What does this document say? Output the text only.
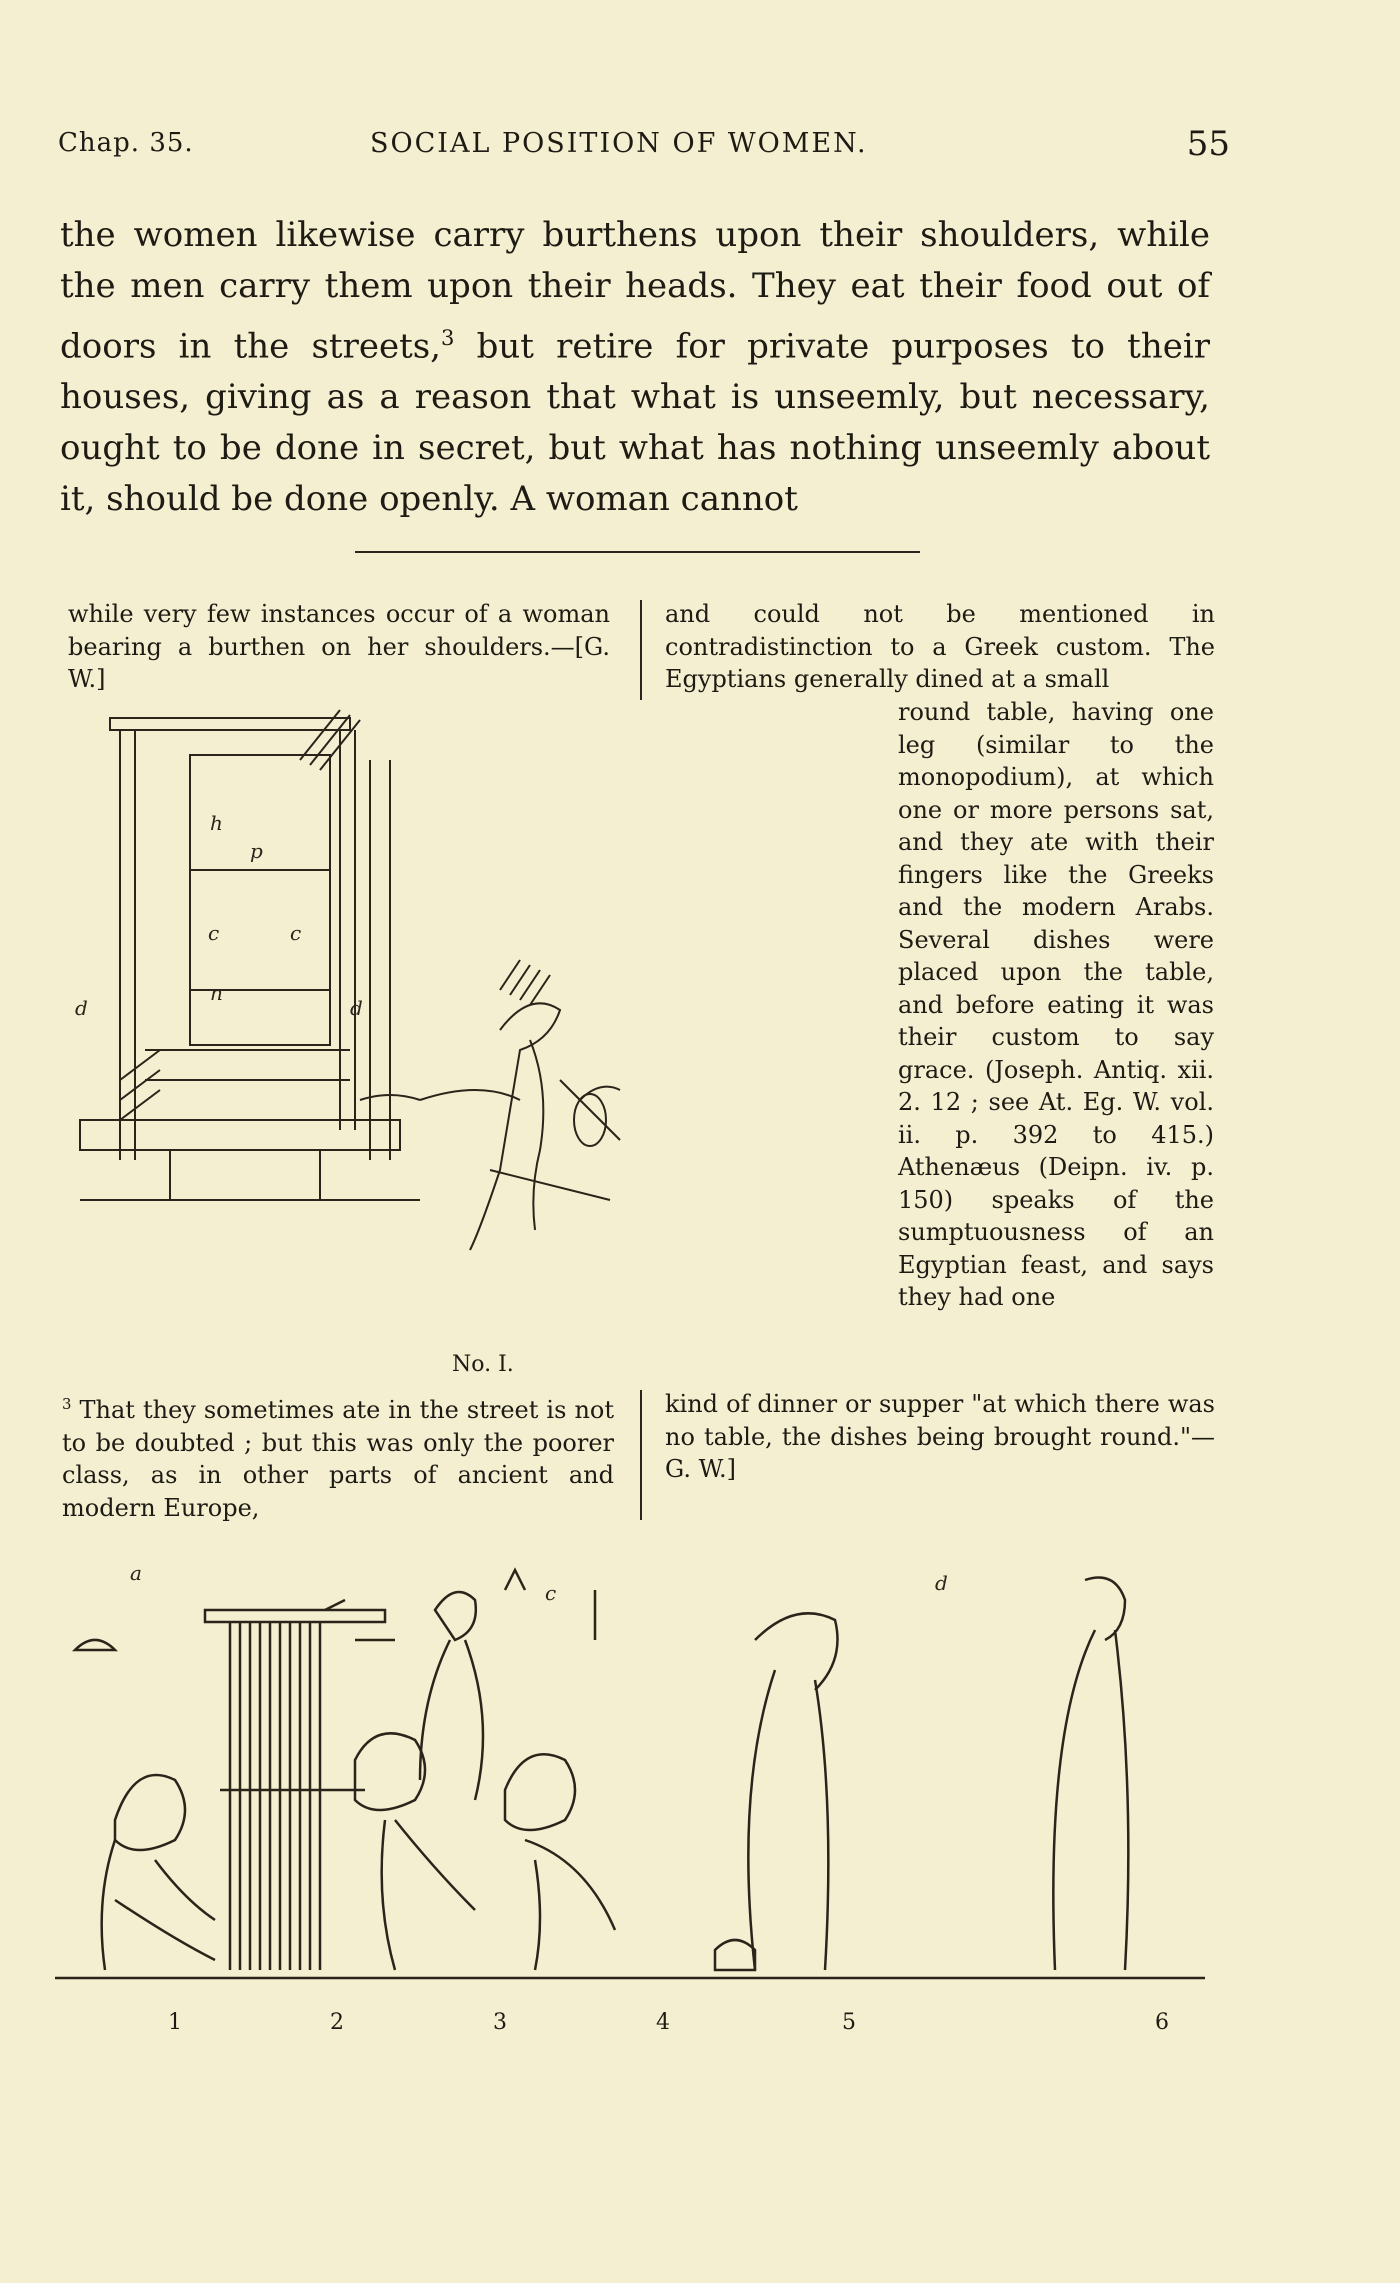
Chap. 35.	SOCIAL POSITION OF WOMEN.	55

the women likewise carry burthens upon their shoulders, while the men carry them upon their heads. They eat their food out of doors in the streets,$^3$ but retire for private purposes to their houses, giving as a reason that what is unseemly, but necessary, ought to be done in secret, but what has nothing unseemly about it, should be done openly. A woman cannot

while very few instances occur of a woman bearing a burthen on her shoulders.—[G. W.]

and could not be mentioned in contradistinction to a Greek custom. The Egyptians generally dined at a small

round table, having one leg (similar to the monopodium), at which one or more persons sat, and they ate with their fingers like the Greeks and the modern Arabs. Several dishes were placed upon the table, and before eating it was their custom to say grace. (Joseph. Antiq. xii. 2. 12 ; see At. Eg. W. vol. ii. p. 392 to 415.) Athenæus (Deipn. iv. p. 150) speaks of the sumptuousness of an Egyptian feast, and says they had one

h
p
c	c
n
d	d
No. I.

$^3$ That they sometimes ate in the street is not to be doubted ; but this was only the poorer class, as in other parts of ancient and modern Europe,

kind of dinner or supper "at which there was no table, the dishes being brought round."—G. W.]

a
c	d
1	2	3	4	5	6
